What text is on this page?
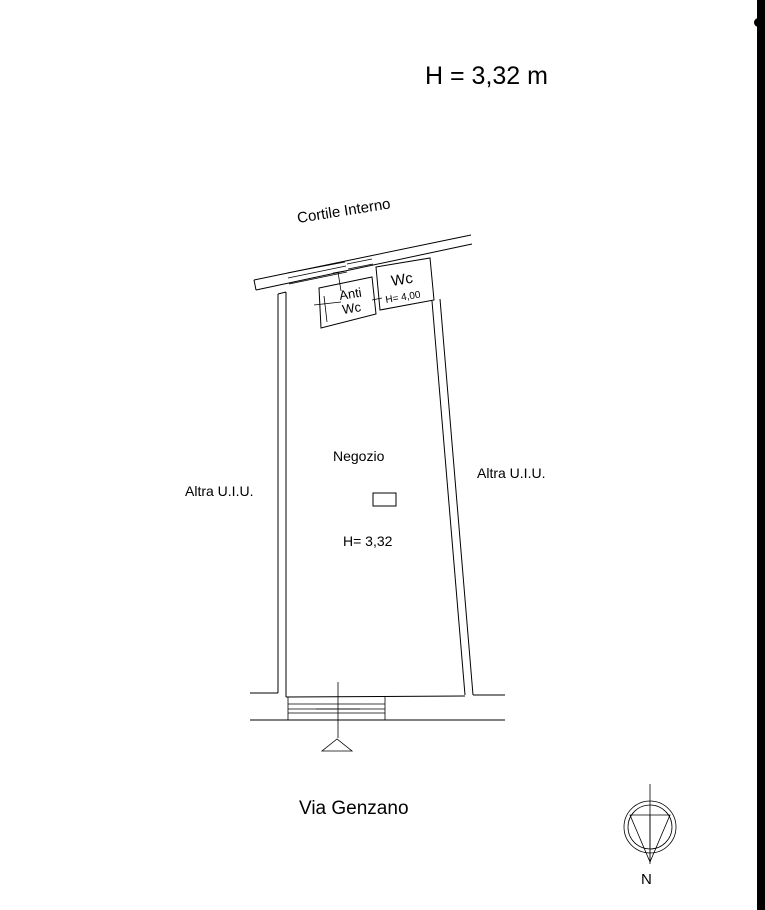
H = 3,32 m
Cortile Interno
Wc
H= 4,00
Anti
Wc
Negozio
H= 3,32
Altra U.I.U.
Altra U.I.U.
Via Genzano
N
